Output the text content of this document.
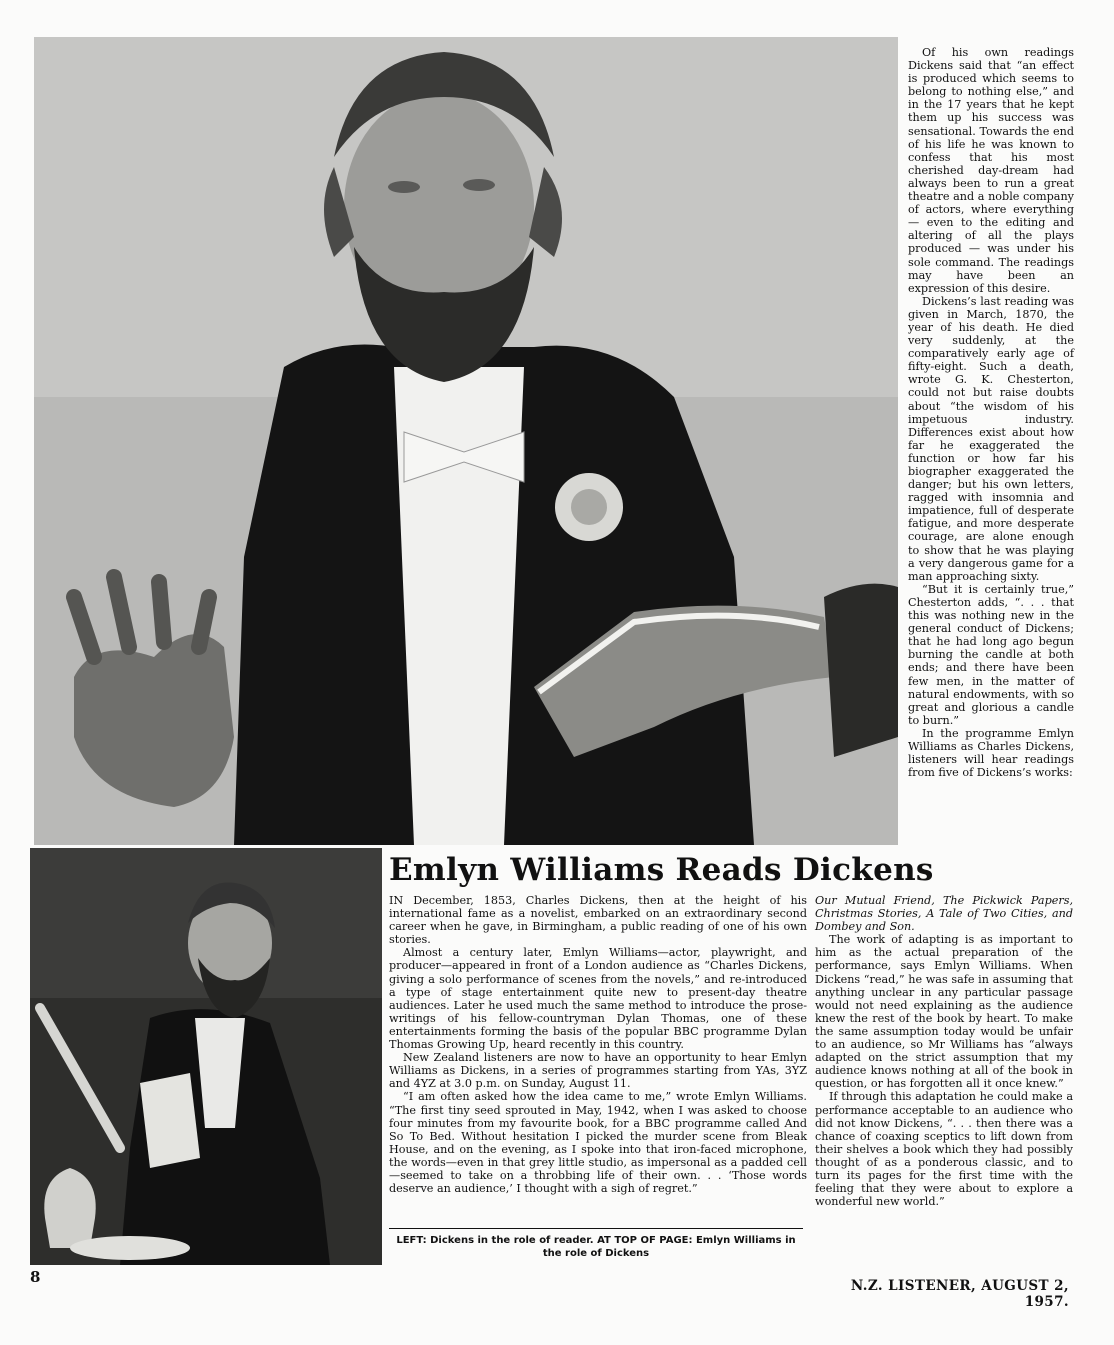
Of his own readings Dickens said that “an effect is produced which seems to belong to nothing else,” and in the 17 years that he kept them up his success was sensational. Towards the end of his life he was known to confess that his most cherished day-dream had always been to run a great theatre and a noble company of actors, where everything — even to the editing and altering of all the plays produced — was under his sole command. The readings may have been an expression of this desire.

Dickens’s last reading was given in March, 1870, the year of his death. He died very suddenly, at the comparatively early age of fifty-eight. Such a death, wrote G. K. Chesterton, could not but raise doubts about “the wisdom of his impetuous industry. Differences exist about how far he exaggerated the function or how far his biographer exaggerated the danger; but his own letters, ragged with insomnia and impatience, full of desperate fatigue, and more desperate courage, are alone enough to show that he was playing a very dangerous game for a man approaching sixty.

“But it is certainly true,” Chesterton adds, “. . . that this was nothing new in the general conduct of Dickens; that he had long ago begun burning the candle at both ends; and there have been few men, in the matter of natural endowments, with so great and glorious a candle to burn.”

In the programme Emlyn Williams as Charles Dickens, listeners will hear readings from five of Dickens’s works:

Emlyn Williams Reads Dickens

IN December, 1853, Charles Dickens, then at the height of his international fame as a novelist, embarked on an extraordinary second career when he gave, in Birmingham, a public reading of one of his own stories.

Almost a century later, Emlyn Williams—actor, playwright, and producer—appeared in front of a London audience as “Charles Dickens, giving a solo performance of scenes from the novels,” and re-introduced a type of stage entertainment quite new to present-day theatre audiences. Later he used much the same method to introduce the prose-writings of his fellow-countryman Dylan Thomas, one of these entertainments forming the basis of the popular BBC programme Dylan Thomas Growing Up, heard recently in this country.

New Zealand listeners are now to have an opportunity to hear Emlyn Williams as Dickens, in a series of programmes starting from YAs, 3YZ and 4YZ at 3.0 p.m. on Sunday, August 11.

“I am often asked how the idea came to me,” wrote Emlyn Williams. “The first tiny seed sprouted in May, 1942, when I was asked to choose four minutes from my favourite book, for a BBC programme called And So To Bed. Without hesitation I picked the murder scene from Bleak House, and on the evening, as I spoke into that iron-faced microphone, the words—even in that grey little studio, as impersonal as a padded cell—seemed to take on a throbbing life of their own. . . ‘Those words deserve an audience,’ I thought with a sigh of regret.”

Our Mutual Friend, The Pickwick Papers, Christmas Stories, A Tale of Two Cities, and Dombey and Son.

The work of adapting is as important to him as the actual preparation of the performance, says Emlyn Williams. When Dickens “read,” he was safe in assuming that anything unclear in any particular passage would not need explaining as the audience knew the rest of the book by heart. To make the same assumption today would be unfair to an audience, so Mr Williams has “always adapted on the strict assumption that my audience knows nothing at all of the book in question, or has forgotten all it once knew.”

If through this adaptation he could make a performance acceptable to an audience who did not know Dickens, “. . . then there was a chance of coaxing sceptics to lift down from their shelves a book which they had possibly thought of as a ponderous classic, and to turn its pages for the first time with the feeling that they were about to explore a wonderful new world.”

LEFT: Dickens in the role of reader. AT TOP OF PAGE: Emlyn Williams in the role of Dickens
8	N.Z. LISTENER, AUGUST 2, 1957.
